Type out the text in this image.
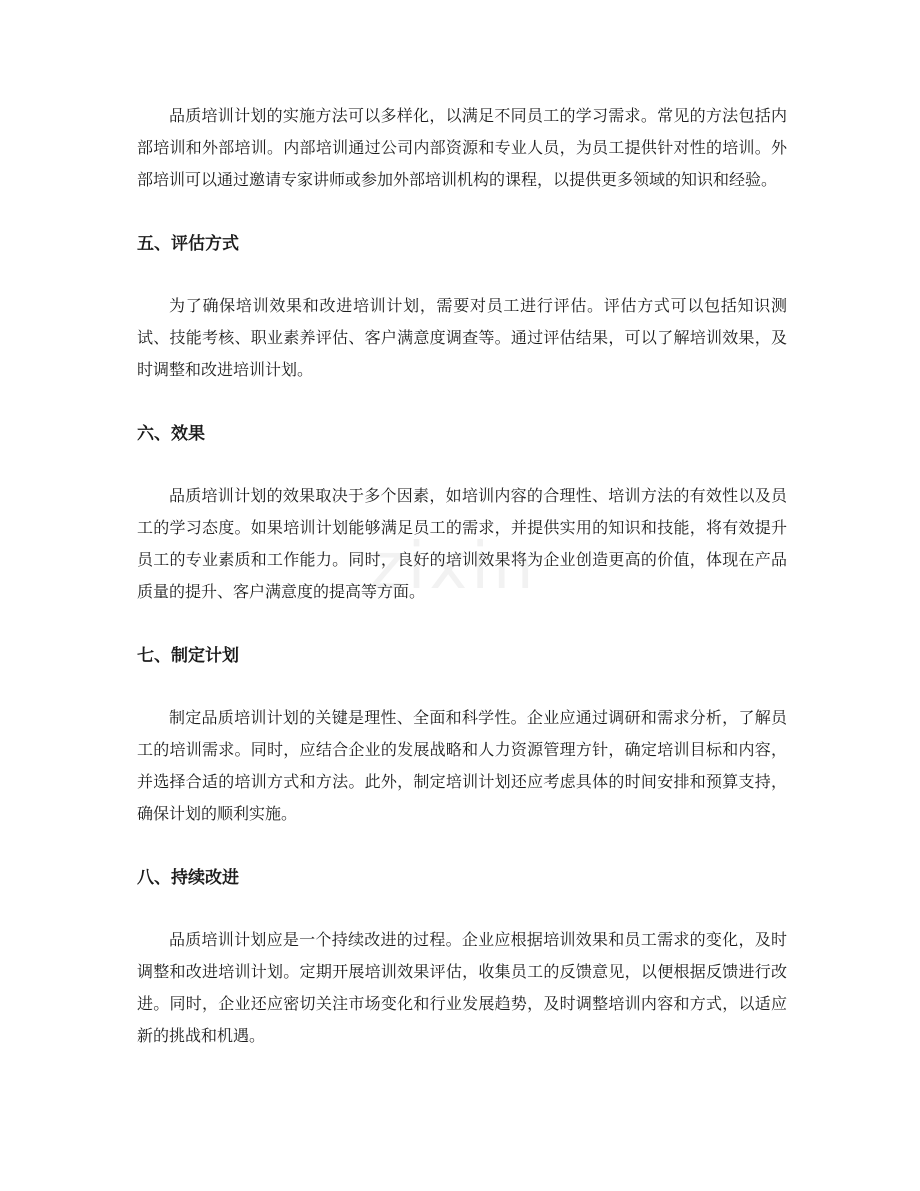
zixin

品质培训计划的实施方法可以多样化，以满足不同员工的学习需求。常见的方法包括内部培训和外部培训。内部培训通过公司内部资源和专业人员，为员工提供针对性的培训。外部培训可以通过邀请专家讲师或参加外部培训机构的课程，以提供更多领域的知识和经验。

五、评估方式

为了确保培训效果和改进培训计划，需要对员工进行评估。评估方式可以包括知识测试、技能考核、职业素养评估、客户满意度调查等。通过评估结果，可以了解培训效果，及时调整和改进培训计划。

六、效果

品质培训计划的效果取决于多个因素，如培训内容的合理性、培训方法的有效性以及员工的学习态度。如果培训计划能够满足员工的需求，并提供实用的知识和技能，将有效提升员工的专业素质和工作能力。同时，良好的培训效果将为企业创造更高的价值，体现在产品质量的提升、客户满意度的提高等方面。

七、制定计划

制定品质培训计划的关键是理性、全面和科学性。企业应通过调研和需求分析，了解员工的培训需求。同时，应结合企业的发展战略和人力资源管理方针，确定培训目标和内容，并选择合适的培训方式和方法。此外，制定培训计划还应考虑具体的时间安排和预算支持，确保计划的顺利实施。

八、持续改进

品质培训计划应是一个持续改进的过程。企业应根据培训效果和员工需求的变化，及时调整和改进培训计划。定期开展培训效果评估，收集员工的反馈意见，以便根据反馈进行改进。同时，企业还应密切关注市场变化和行业发展趋势，及时调整培训内容和方式，以适应新的挑战和机遇。
